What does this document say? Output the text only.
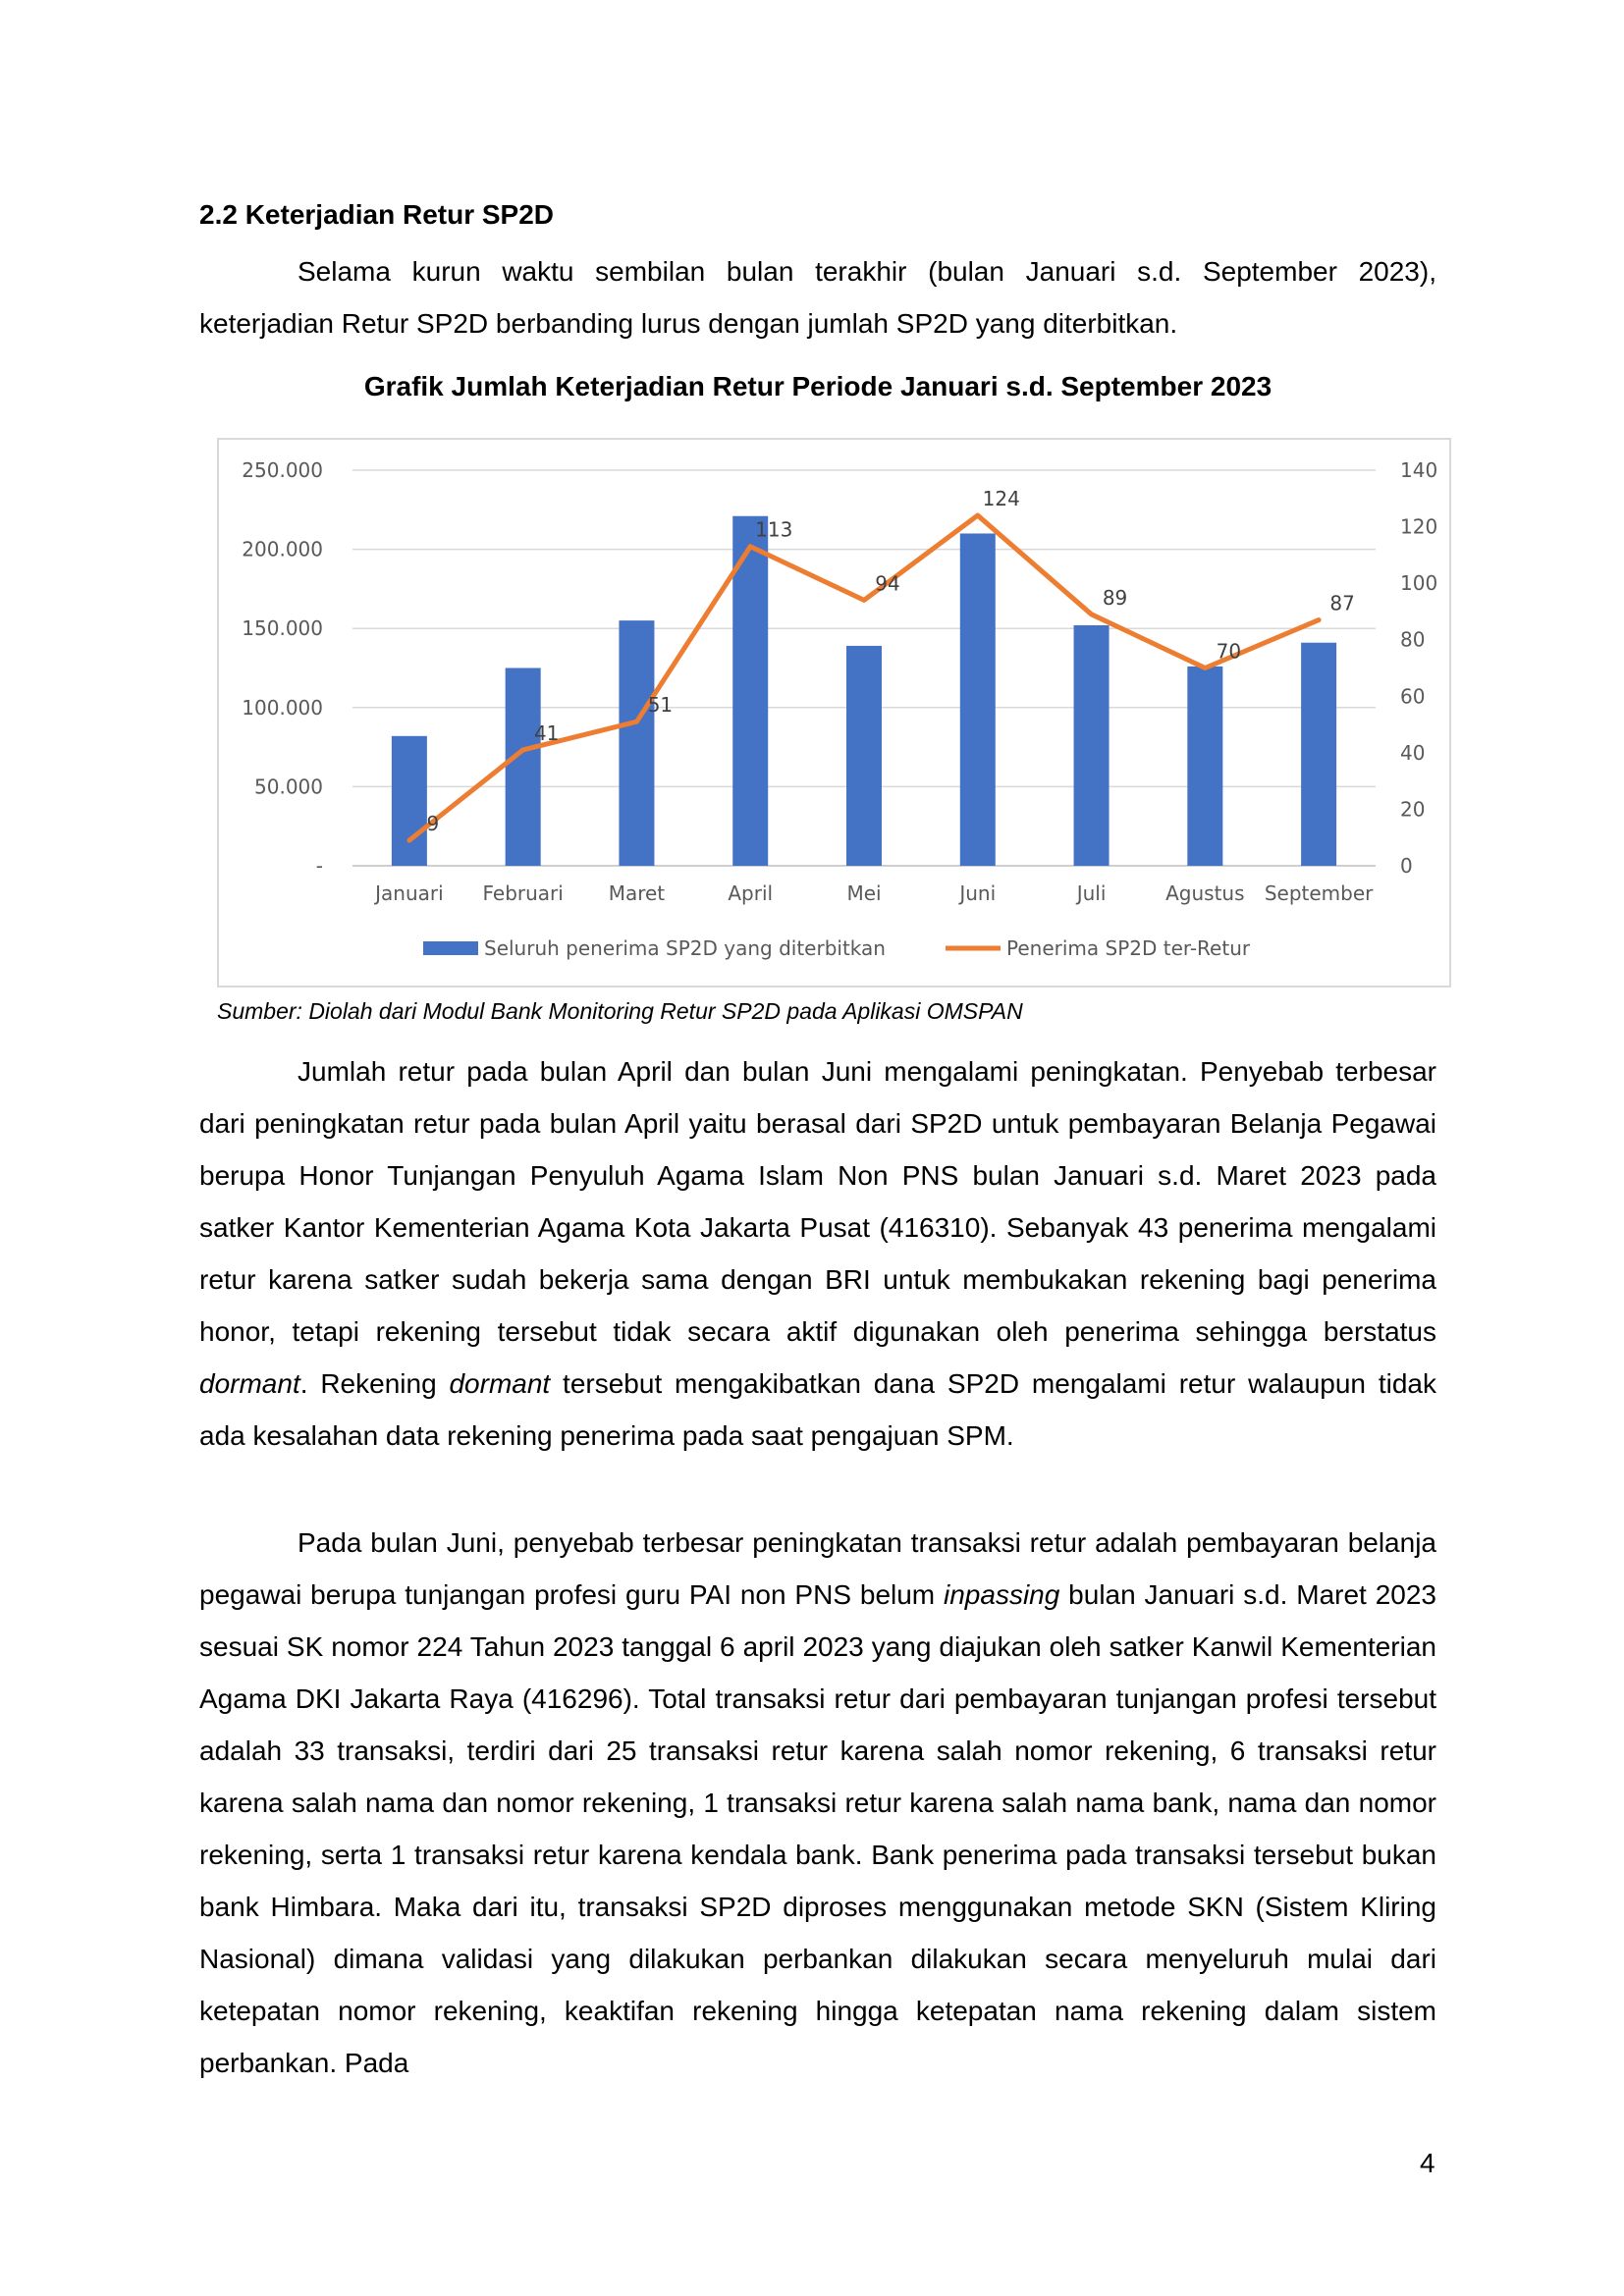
2.2 Keterjadian Retur SP2D

Selama kurun waktu sembilan bulan terakhir (bulan Januari s.d. September 2023), keterjadian Retur SP2D berbanding lurus dengan jumlah SP2D yang diterbitkan.

Grafik Jumlah Keterjadian Retur Periode Januari s.d. September 2023
-
50.000
100.000
150.000
200.000
250.000
0
20
40
60
80
100
120
140
Januari Februari Maret	April	Mei	Juni	Juli	Agustus September
9
41
51
113
94
124
89
70
87
Seluruh penerima SP2D yang diterbitkan	Penerima SP2D ter-Retur
Sumber: Diolah dari Modul Bank Monitoring Retur SP2D pada Aplikasi OMSPAN

Jumlah retur pada bulan April dan bulan Juni mengalami peningkatan. Penyebab terbesar dari peningkatan retur pada bulan April yaitu berasal dari SP2D untuk pembayaran Belanja Pegawai berupa Honor Tunjangan Penyuluh Agama Islam Non PNS bulan Januari s.d. Maret 2023 pada satker Kantor Kementerian Agama Kota Jakarta Pusat (416310). Sebanyak 43 penerima mengalami retur karena satker sudah bekerja sama dengan BRI untuk membukakan rekening bagi penerima honor, tetapi rekening tersebut tidak secara aktif digunakan oleh penerima sehingga berstatus dormant. Rekening dormant tersebut mengakibatkan dana SP2D mengalami retur walaupun tidak ada kesalahan data rekening penerima pada saat pengajuan SPM.

Pada bulan Juni, penyebab terbesar peningkatan transaksi retur adalah pembayaran belanja pegawai berupa tunjangan profesi guru PAI non PNS belum inpassing bulan Januari s.d. Maret 2023 sesuai SK nomor 224 Tahun 2023 tanggal 6 april 2023 yang diajukan oleh satker Kanwil Kementerian Agama DKI Jakarta Raya (416296). Total transaksi retur dari pembayaran tunjangan profesi tersebut adalah 33 transaksi, terdiri dari 25 transaksi retur karena salah nomor rekening, 6 transaksi retur karena salah nama dan nomor rekening, 1 transaksi retur karena salah nama bank, nama dan nomor rekening, serta 1 transaksi retur karena kendala bank. Bank penerima pada transaksi tersebut bukan bank Himbara. Maka dari itu, transaksi SP2D diproses menggunakan metode SKN (Sistem Kliring Nasional) dimana validasi yang dilakukan perbankan dilakukan secara menyeluruh mulai dari ketepatan nomor rekening, keaktifan rekening hingga ketepatan nama rekening dalam sistem perbankan. Pada

4
